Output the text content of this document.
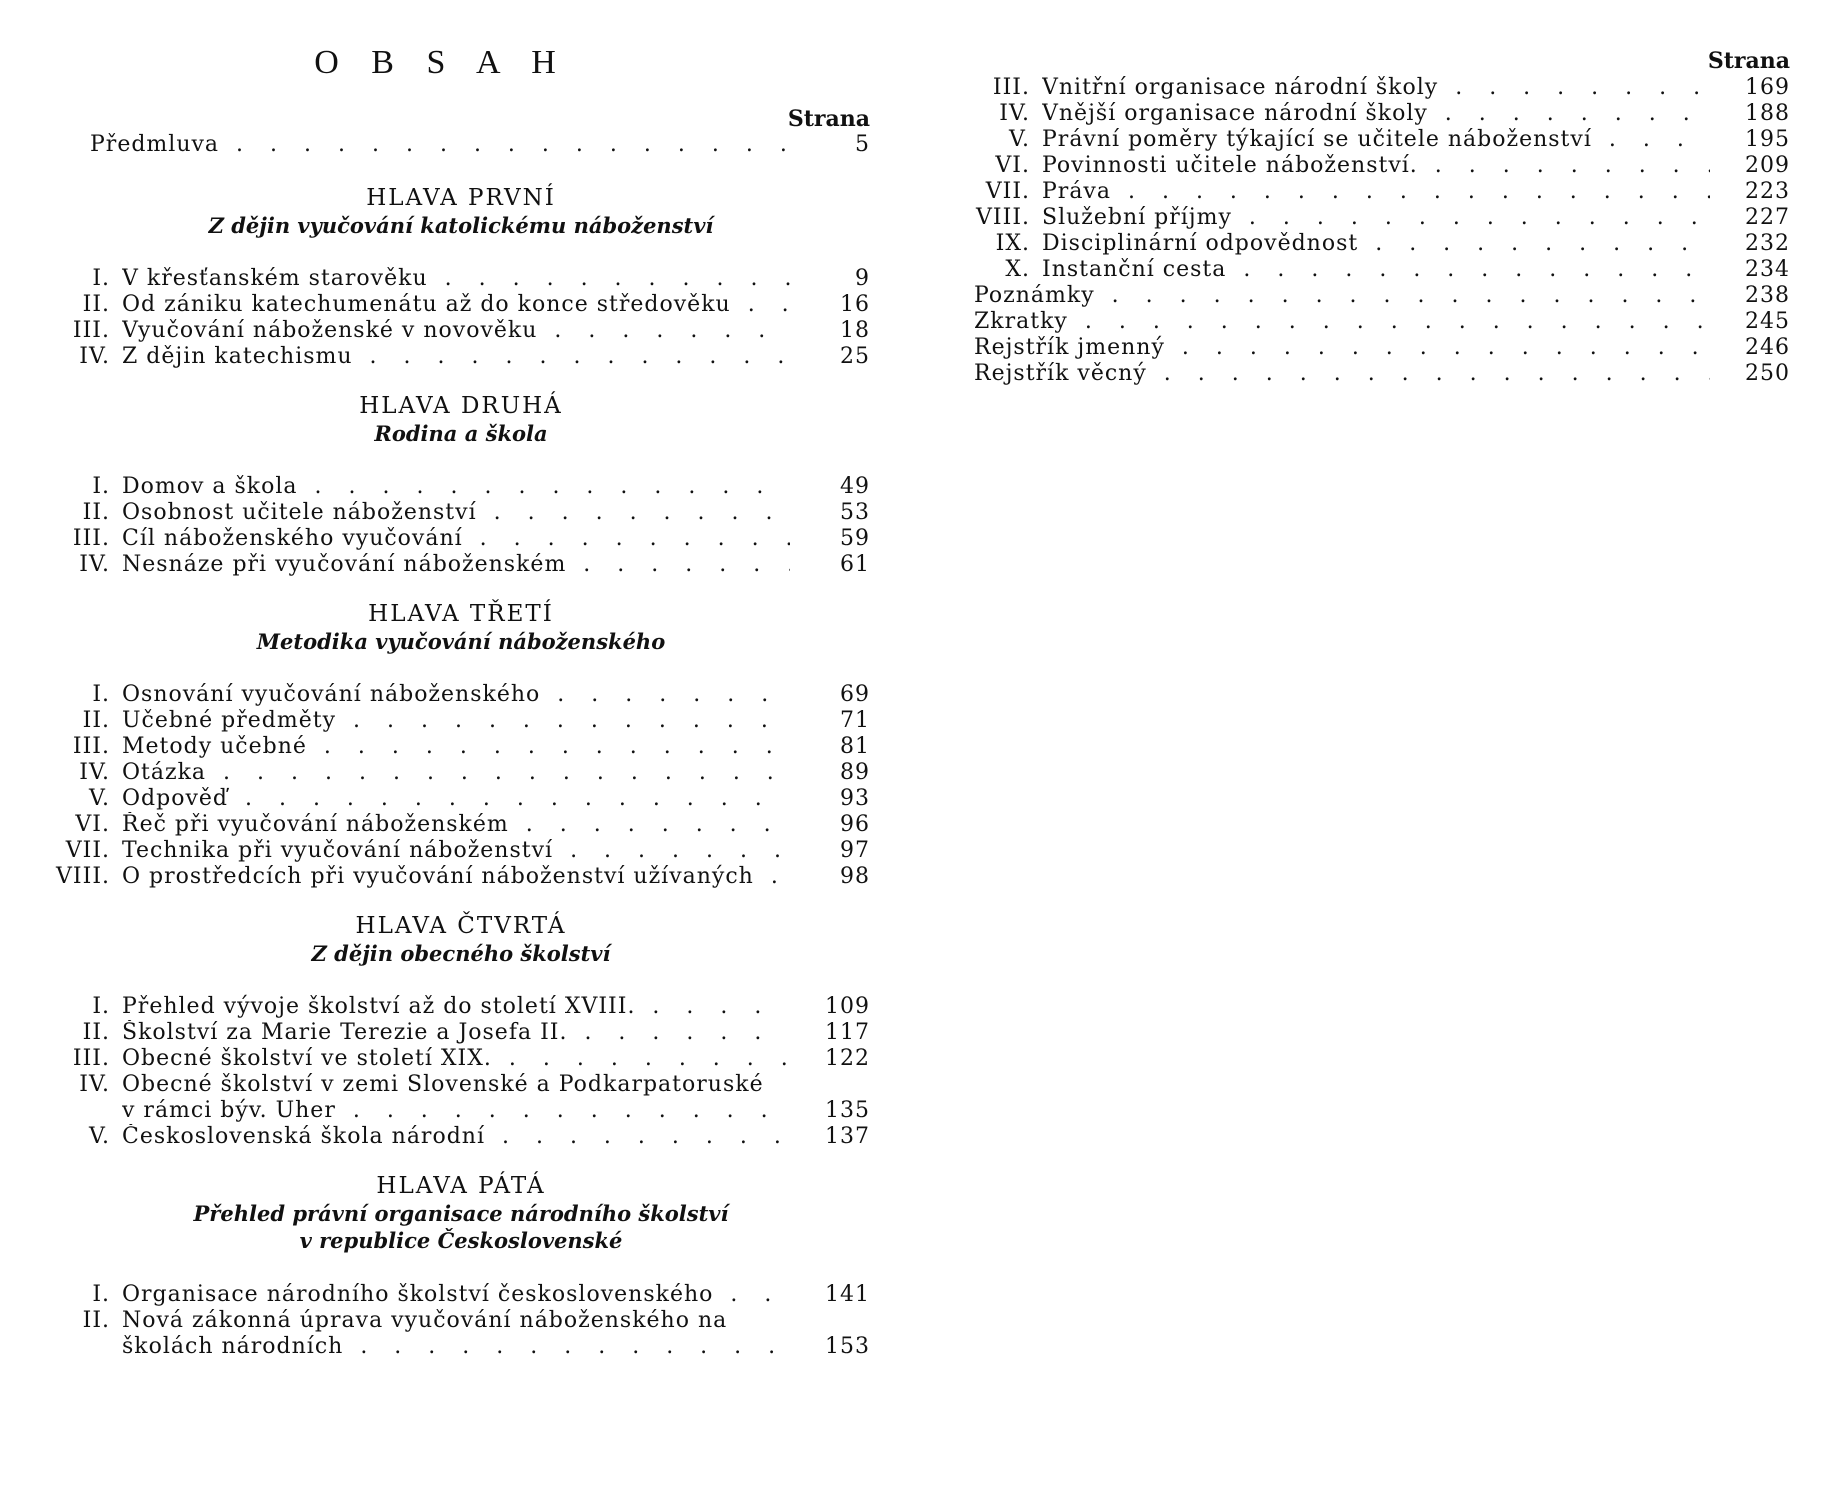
O B S A H
Strana
Předmluva . . .	5
HLAVA PRVNÍ
Z dějin vyučování katolickému náboženství
I. V křesťanském starověku . . .	9
II. Od zániku katechumenátu až do konce středověku . . .	16
III. Vyučování náboženské v novověku . . .	18
IV. Z dějin katechismu . . .	25
HLAVA DRUHÁ
Rodina a škola
I. Domov a škola . . .	49
II. Osobnost učitele náboženství . . .	53
III. Cíl náboženského vyučování . . .	59
IV. Nesnáze při vyučování náboženském . . .	61
HLAVA TŘETÍ
Metodika vyučování náboženského
I. Osnování vyučování náboženského . . .	69
II. Učebné předměty . . .	71
III. Metody učebné . . .	81
IV. Otázka . . .	89
V. Odpověď . . .	93
VI. Řeč při vyučování náboženském . . .	96
VII. Technika při vyučování náboženství . . .	97
VIII. O prostředcích při vyučování náboženství užívaných . . .	98
HLAVA ČTVRTÁ
Z dějin obecného školství
I. Přehled vývoje školství až do století XVIII. . . .	109
II. Školství za Marie Terezie a Josefa II. . . .	117
III. Obecné školství ve století XIX. . . .	122
IV. Obecné školství v zemi Slovenské a Podkarpatoruské
v rámci býv. Uher . . .	135
V. Československá škola národní . . .	137
HLAVA PÁTÁ
Přehled právní organisace národního školství
v republice Československé
I. Organisace národního školství československého . . .	141
II. Nová zákonná úprava vyučování náboženského na
školách národních . . .	153
Strana
III. Vnitřní organisace národní školy . . .	169
IV. Vnější organisace národní školy . . .	188
V. Právní poměry týkající se učitele náboženství . . .	195
VI. Povinnosti učitele náboženství. . . .	209
VII. Práva . . .	223
VIII. Služební příjmy . . .	227
IX. Disciplinární odpovědnost . . .	232
X. Instanční cesta . . .	234
Poznámky . . .	238
Zkratky . . .	245
Rejstřík jmenný . . .	246
Rejstřík věcný . . .	250
